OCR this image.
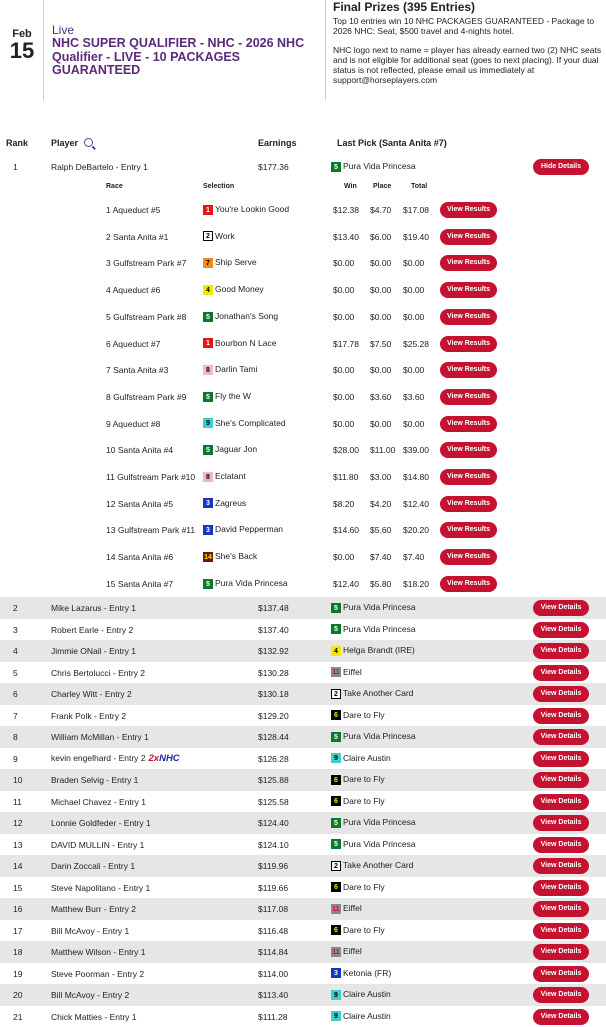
Feb
15
Live
NHC SUPER QUALIFIER - NHC - 2026 NHC Qualifier - LIVE - 10 PACKAGES GUARANTEED
Final Prizes (395 Entries)

Top 10 entries win 10 NHC PACKAGES GUARANTEED - Package to 2026 NHC: Seat, $500 travel and 4-nights hotel.

NHC logo next to name = player has already earned two (2) NHC seats and is not eligible for additional seat (goes to next placing). If your dual status is not reflected, please email us immediately at support@horseplayers.com

Rank	Player	Earnings	Last Pick (Santa Anita #7)
1	Ralph DeBartelo - Entry 1	$177.36	5 Pura Vida Princesa	Hide Details
Race	Selection	Win Place	Total
1 Aqueduct #5	1 You're Lookin Good	$12.38 $4.70 $17.08	View Results
2 Santa Anita #1	2 Work	$13.40 $6.00 $19.40	View Results
3 Gulfstream Park #7	7 Ship Serve	$0.00 $0.00 $0.00	View Results
4 Aqueduct #6	4 Good Money	$0.00 $0.00 $0.00	View Results
5 Gulfstream Park #8	5 Jonathan's Song	$0.00 $0.00 $0.00	View Results
6 Aqueduct #7	1 Bourbon N Lace	$17.78 $7.50 $25.28	View Results
7 Santa Anita #3	8 Darlin Tami	$0.00 $0.00 $0.00	View Results
8 Gulfstream Park #9	5 Fly the W	$0.00 $3.60 $3.60	View Results
9 Aqueduct #8	9 She's Complicated	$0.00 $0.00 $0.00	View Results
10 Santa Anita #4	5 Jaguar Jon	$28.00 $11.00 $39.00	View Results
11 Gulfstream Park #10	8 Eclatant	$11.80 $3.00 $14.80	View Results
12 Santa Anita #5	3 Zagreus	$8.20 $4.20 $12.40	View Results
13 Gulfstream Park #11	3 David Pepperman	$14.60 $5.60 $20.20	View Results
14 Santa Anita #6	14 She's Back	$0.00 $7.40 $7.40	View Results
15 Santa Anita #7	5 Pura Vida Princesa	$12.40 $5.80 $18.20	View Results
2	Mike Lazarus - Entry 1	$137.48	5 Pura Vida Princesa	View Details
3	Robert Earle - Entry 2	$137.40	5 Pura Vida Princesa	View Details
4	Jimmie ONail - Entry 1	$132.92	4 Helga Brandt (IRE)	View Details
5	Chris Bertolucci - Entry 2	$130.28	11 Eiffel	View Details
6	Charley Witt - Entry 2	$130.18	2 Take Another Card	View Details
7	Frank Polk - Entry 2	$129.20	6 Dare to Fly	View Details
8	William McMillan - Entry 1	$128.44	5 Pura Vida Princesa	View Details
9	kevin engelhard - Entry 2 2xNHC	$126.28	9 Claire Austin	View Details
10	Braden Selvig - Entry 1	$125.88	6 Dare to Fly	View Details
11	Michael Chavez - Entry 1	$125.58	6 Dare to Fly	View Details
12	Lonnie Goldfeder - Entry 1	$124.40	5 Pura Vida Princesa	View Details
13	DAVID MULLIN - Entry 1	$124.10	5 Pura Vida Princesa	View Details
14	Darin Zoccali - Entry 1	$119.96	2 Take Another Card	View Details
15	Steve Napolitano - Entry 1	$119.66	6 Dare to Fly	View Details
16	Matthew Burr - Entry 2	$117.08	11 Eiffel	View Details
17	Bill McAvoy - Entry 1	$116.48	6 Dare to Fly	View Details
18	Matthew Wilson - Entry 1	$114.84	11 Eiffel	View Details
19	Steve Poorman - Entry 2	$114.00	3 Ketonia (FR)	View Details
20	Bill McAvoy - Entry 2	$113.40	9 Claire Austin	View Details
21	Chick Matties - Entry 1	$111.28	9 Claire Austin	View Details
